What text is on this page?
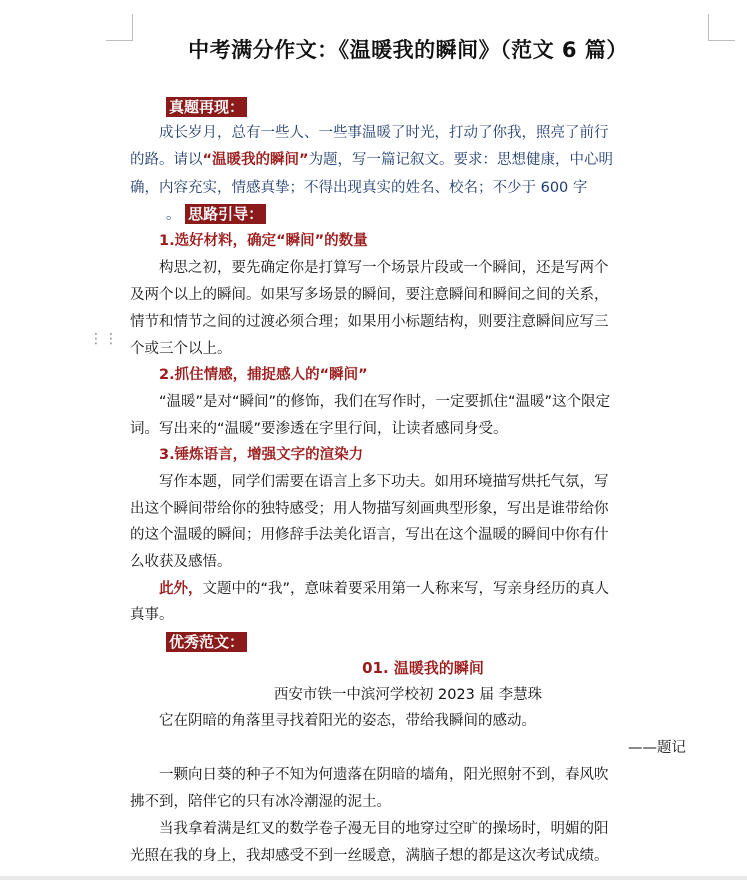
⋮⋮
中考满分作文：《温暖我的瞬间》（范文 6 篇）
真题再现：
成长岁月，总有一些人、一些事温暖了时光，打动了你我，照亮了前行
的路。请以“温暖我的瞬间”为题，写一篇记叙文。要求：思想健康，中心明
确，内容充实，情感真挚；不得出现真实的姓名、校名；不少于 600 字
。 思路引导：
1.选好材料，确定“瞬间”的数量
构思之初，要先确定你是打算写一个场景片段或一个瞬间，还是写两个
及两个以上的瞬间。如果写多场景的瞬间，要注意瞬间和瞬间之间的关系，
情节和情节之间的过渡必须合理；如果用小标题结构，则要注意瞬间应写三
个或三个以上。
2.抓住情感，捕捉感人的“瞬间”
“温暖”是对“瞬间”的修饰，我们在写作时，一定要抓住“温暖”这个限定
词。写出来的“温暖”要渗透在字里行间，让读者感同身受。
3.锤炼语言，增强文字的渲染力
写作本题，同学们需要在语言上多下功夫。如用环境描写烘托气氛，写
出这个瞬间带给你的独特感受；用人物描写刻画典型形象，写出是谁带给你
的这个温暖的瞬间；用修辞手法美化语言，写出在这个温暖的瞬间中你有什
么收获及感悟。
此外，文题中的“我”，意味着要采用第一人称来写，写亲身经历的真人
真事。
优秀范文：
01. 温暖我的瞬间
西安市铁一中滨河学校初 2023 届 李慧珠
它在阴暗的角落里寻找着阳光的姿态，带给我瞬间的感动。
——题记
一颗向日葵的种子不知为何遗落在阴暗的墙角，阳光照射不到，春风吹
拂不到，陪伴它的只有冰冷潮湿的泥土。
当我拿着满是红叉的数学卷子漫无目的地穿过空旷的操场时，明媚的阳
光照在我的身上，我却感受不到一丝暖意，满脑子想的都是这次考试成绩。
